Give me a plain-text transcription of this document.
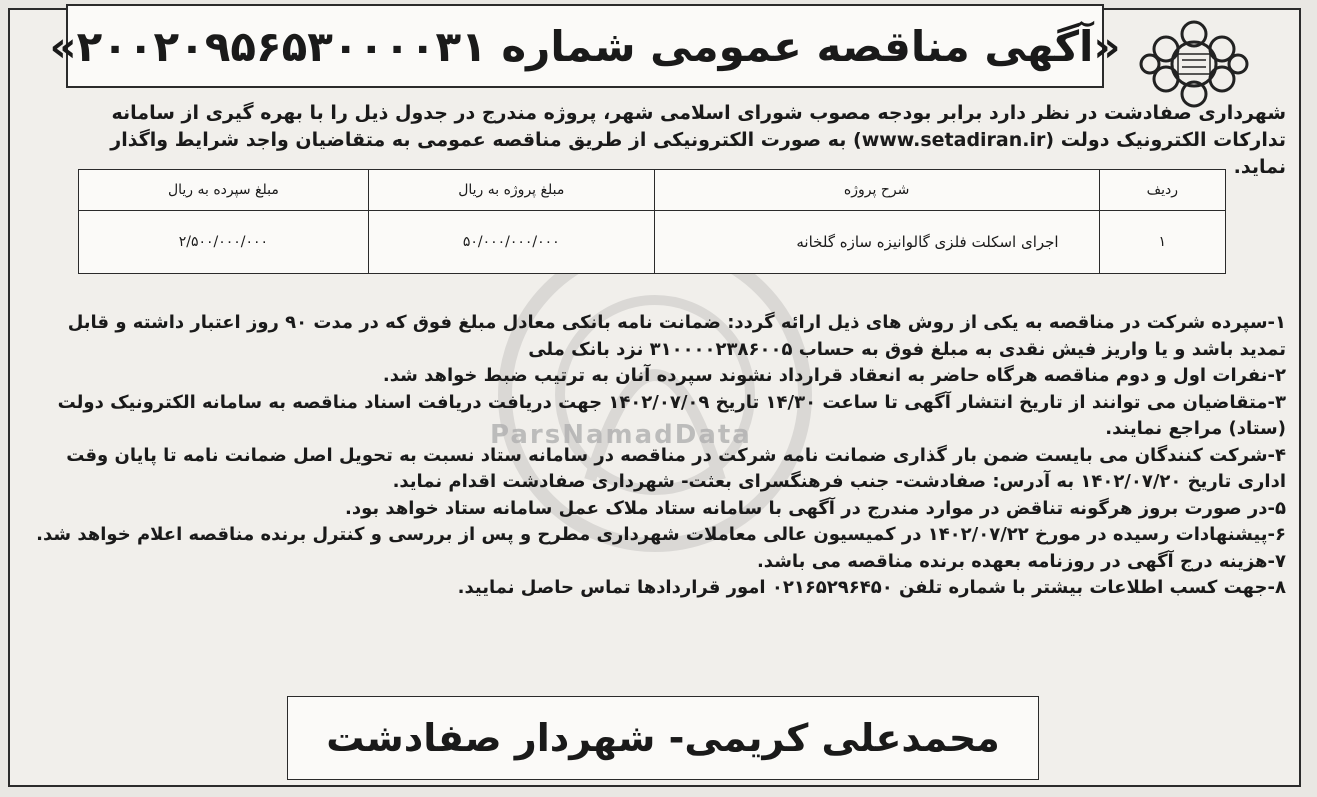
ParsNamadData
«آگهی مناقصه عمومی شماره ۲۰۰۲۰۹۵۶۵۳۰۰۰۰۳۱»
شهرداری صفادشت در نظر دارد برابر بودجه مصوب شورای اسلامی شهر، پروژه مندرج در جدول ذیل را با بهره گیری از سامانه تدارکات الکترونیک دولت (www.setadiran.ir) به صورت الکترونیکی از طریق مناقصه عمومی به متقاضیان واجد شرایط واگذار نماید.
ردیف	شرح پروژه	مبلغ پروژه به ریال	مبلغ سپرده به ریال
۱	اجرای اسکلت فلزی گالوانیزه سازه گلخانه	۵۰/۰۰۰/۰۰۰/۰۰۰	۲/۵۰۰/۰۰۰/۰۰۰

۱-سپرده شرکت در مناقصه به یکی از روش های ذیل ارائه گردد: ضمانت نامه بانکی معادل مبلغ فوق که در مدت ۹۰ روز اعتبار داشته و قابل تمدید باشد و یا واریز فیش نقدی به مبلغ فوق به حساب ۳۱۰۰۰۰۲۳۸۶۰۰۵ نزد بانک ملی

۲-نفرات اول و دوم مناقصه هرگاه حاضر به انعقاد قرارداد نشوند سپرده آنان به ترتیب ضبط خواهد شد.

۳-متقاضیان می توانند از تاریخ انتشار آگهی تا ساعت ۱۴/۳۰ تاریخ ۱۴۰۲/۰۷/۰۹ جهت دریافت دریافت اسناد مناقصه به سامانه الکترونیک دولت (ستاد) مراجع نمایند.

۴-شرکت کنندگان می بایست ضمن بار گذاری ضمانت نامه شرکت در مناقصه در سامانه ستاد نسبت به تحویل اصل ضمانت نامه تا پایان وقت اداری تاریخ ۱۴۰۲/۰۷/۲۰ به آدرس: صفادشت- جنب فرهنگسرای بعثت- شهرداری صفادشت اقدام نماید.

۵-در صورت بروز هرگونه تناقض در موارد مندرج در آگهی با سامانه ستاد ملاک عمل سامانه ستاد خواهد بود.

۶-پیشنهادات رسیده در مورخ ۱۴۰۲/۰۷/۲۲ در کمیسیون عالی معاملات شهرداری مطرح و پس از بررسی و کنترل برنده مناقصه اعلام خواهد شد.

۷-هزینه درج آگهی در روزنامه بعهده برنده مناقصه می باشد.

۸-جهت کسب اطلاعات بیشتر با شماره تلفن ۰۲۱۶۵۲۹۶۴۵۰ امور قراردادها تماس حاصل نمایید.

محمدعلی کریمی- شهردار صفادشت
